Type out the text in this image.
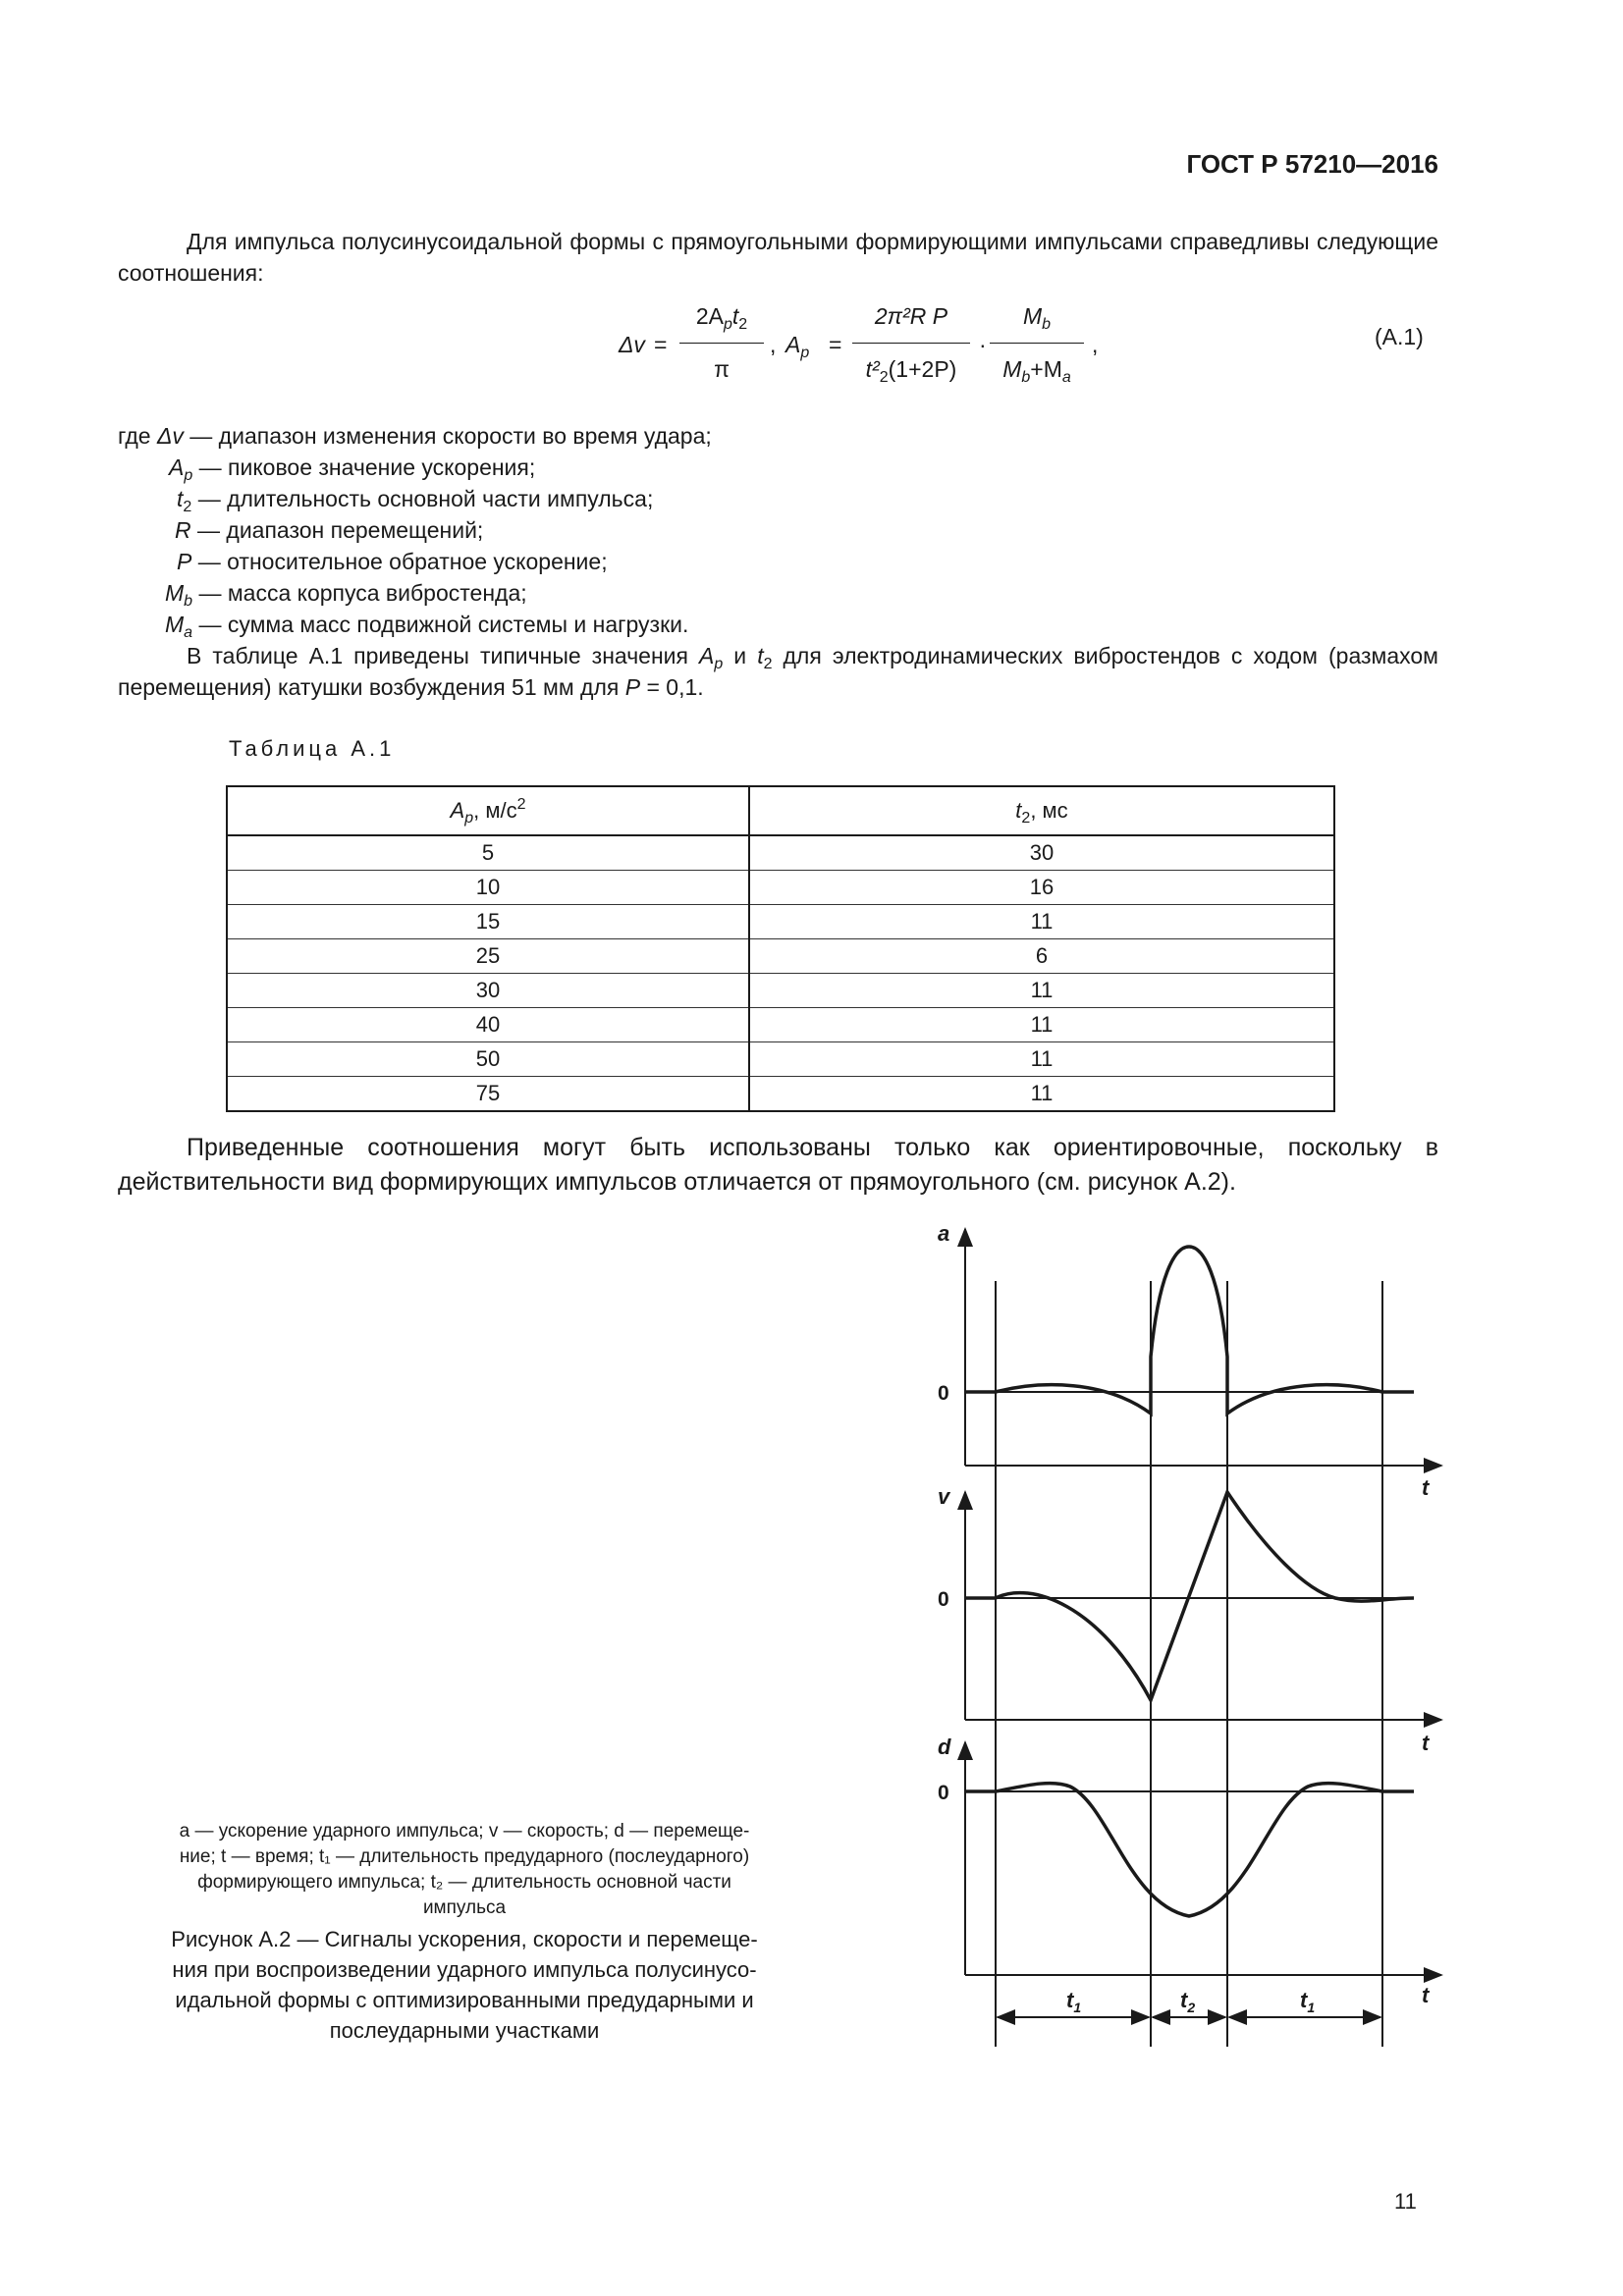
ГОСТ Р 57210—2016
Для импульса полусинусоидальной формы с прямоугольными формирующими импульсами справедливы следующие соотношения:
Δv =
$2A_pt_2$
π
, $A_p$ =
2π²R P
$t^2_2(1+2P)$
·
$M_b$
$M_b+M_a$
,	(А.1)
где Δv — диапазон изменения скорости во время удара;
$A_p$ — пиковое значение ускорения;
$t_2$ — длительность основной части импульса;
R — диапазон перемещений;
P — относительное обратное ускорение;
$M_b$ — масса корпуса вибростенда;
$M_a$ — сумма масс подвижной системы и нагрузки.
В таблице А.1 приведены типичные значения $A_p$ и $t_2$ для электродинамических вибростендов с ходом (размахом перемещения) катушки возбуждения 51 мм для P = 0,1.
Таблица А.1
$A_p$, $м/с^2$	$t_2$, мс
5	30
10	16
15	11
25	6
30	11
40	11
50	11
75	11
Приведенные соотношения могут быть использованы только как ориентировочные, поскольку в действительности вид формирующих импульсов отличается от прямоугольного (см. рисунок А.2).
a
v
d
t
t
t
0
0
0
$t_1$	$t_2$	$t_1$
a — ускорение ударного импульса; v — скорость; d — перемеще-
ние; t — время; t₁ — длительность предударного (послеударного)
формирующего импульса; t₂ — длительность основной части
импульса
Рисунок А.2 — Сигналы ускорения, скорости и перемеще-
ния при воспроизведении ударного импульса полусинусо-
идальной формы с оптимизированными предударными и
послеударными участками
11
